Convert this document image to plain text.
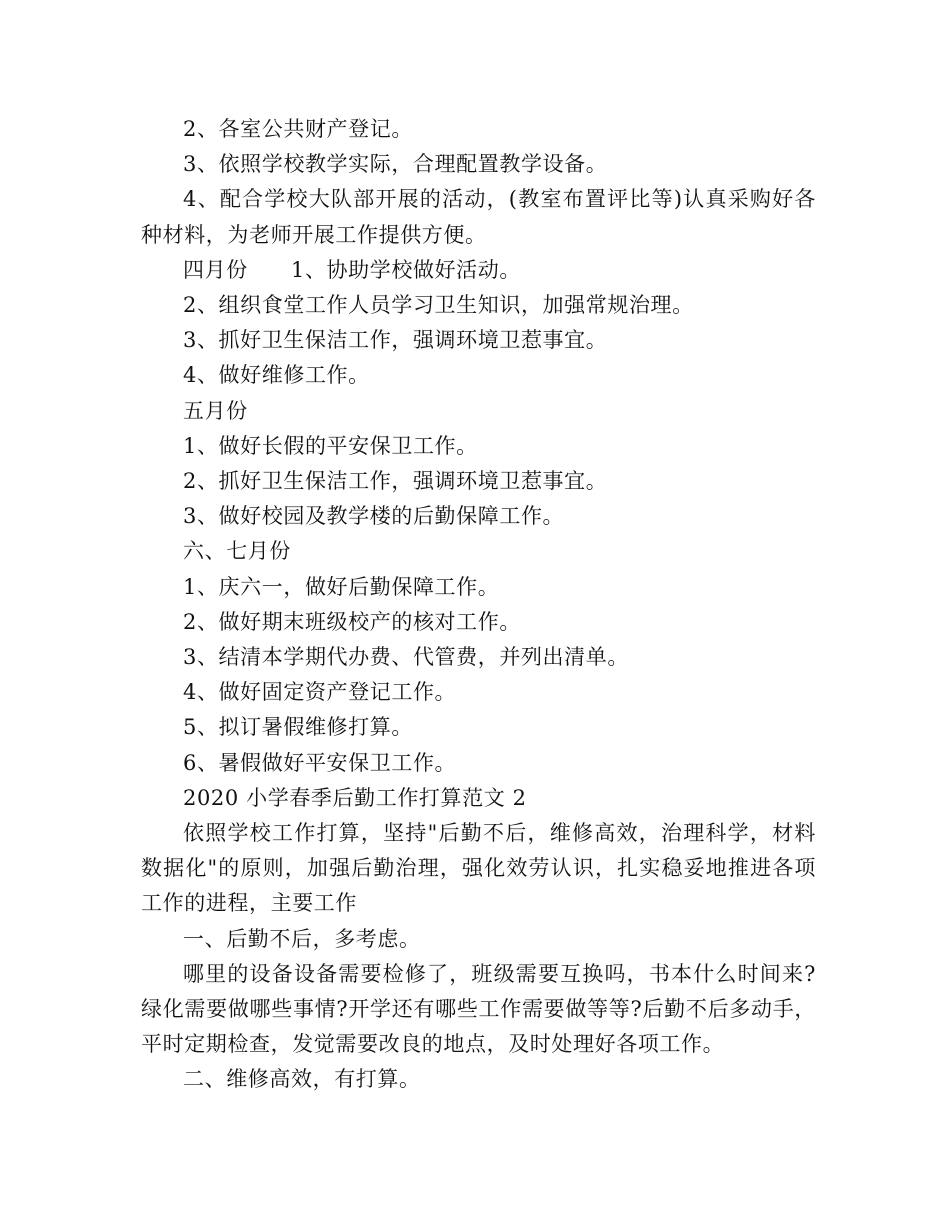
2、各室公共财产登记。

3、依照学校教学实际，合理配置教学设备。

4、配合学校大队部开展的活动，(教室布置评比等)认真采购好各种材料，为老师开展工作提供方便。

四月份　　1、协助学校做好活动。

2、组织食堂工作人员学习卫生知识，加强常规治理。

3、抓好卫生保洁工作，强调环境卫惹事宜。

4、做好维修工作。

五月份

1、做好长假的平安保卫工作。

2、抓好卫生保洁工作，强调环境卫惹事宜。

3、做好校园及教学楼的后勤保障工作。

六、七月份

1、庆六一，做好后勤保障工作。

2、做好期末班级校产的核对工作。

3、结清本学期代办费、代管费，并列出清单。

4、做好固定资产登记工作。

5、拟订暑假维修打算。

6、暑假做好平安保卫工作。

2020 小学春季后勤工作打算范文 2

依照学校工作打算，坚持"后勤不后，维修高效，治理科学，材料数据化"的原则，加强后勤治理，强化效劳认识，扎实稳妥地推进各项工作的进程，主要工作

一、后勤不后，多考虑。

哪里的设备设备需要检修了，班级需要互换吗，书本什么时间来?绿化需要做哪些事情?开学还有哪些工作需要做等等?后勤不后多动手，平时定期检查，发觉需要改良的地点，及时处理好各项工作。

二、维修高效，有打算。
